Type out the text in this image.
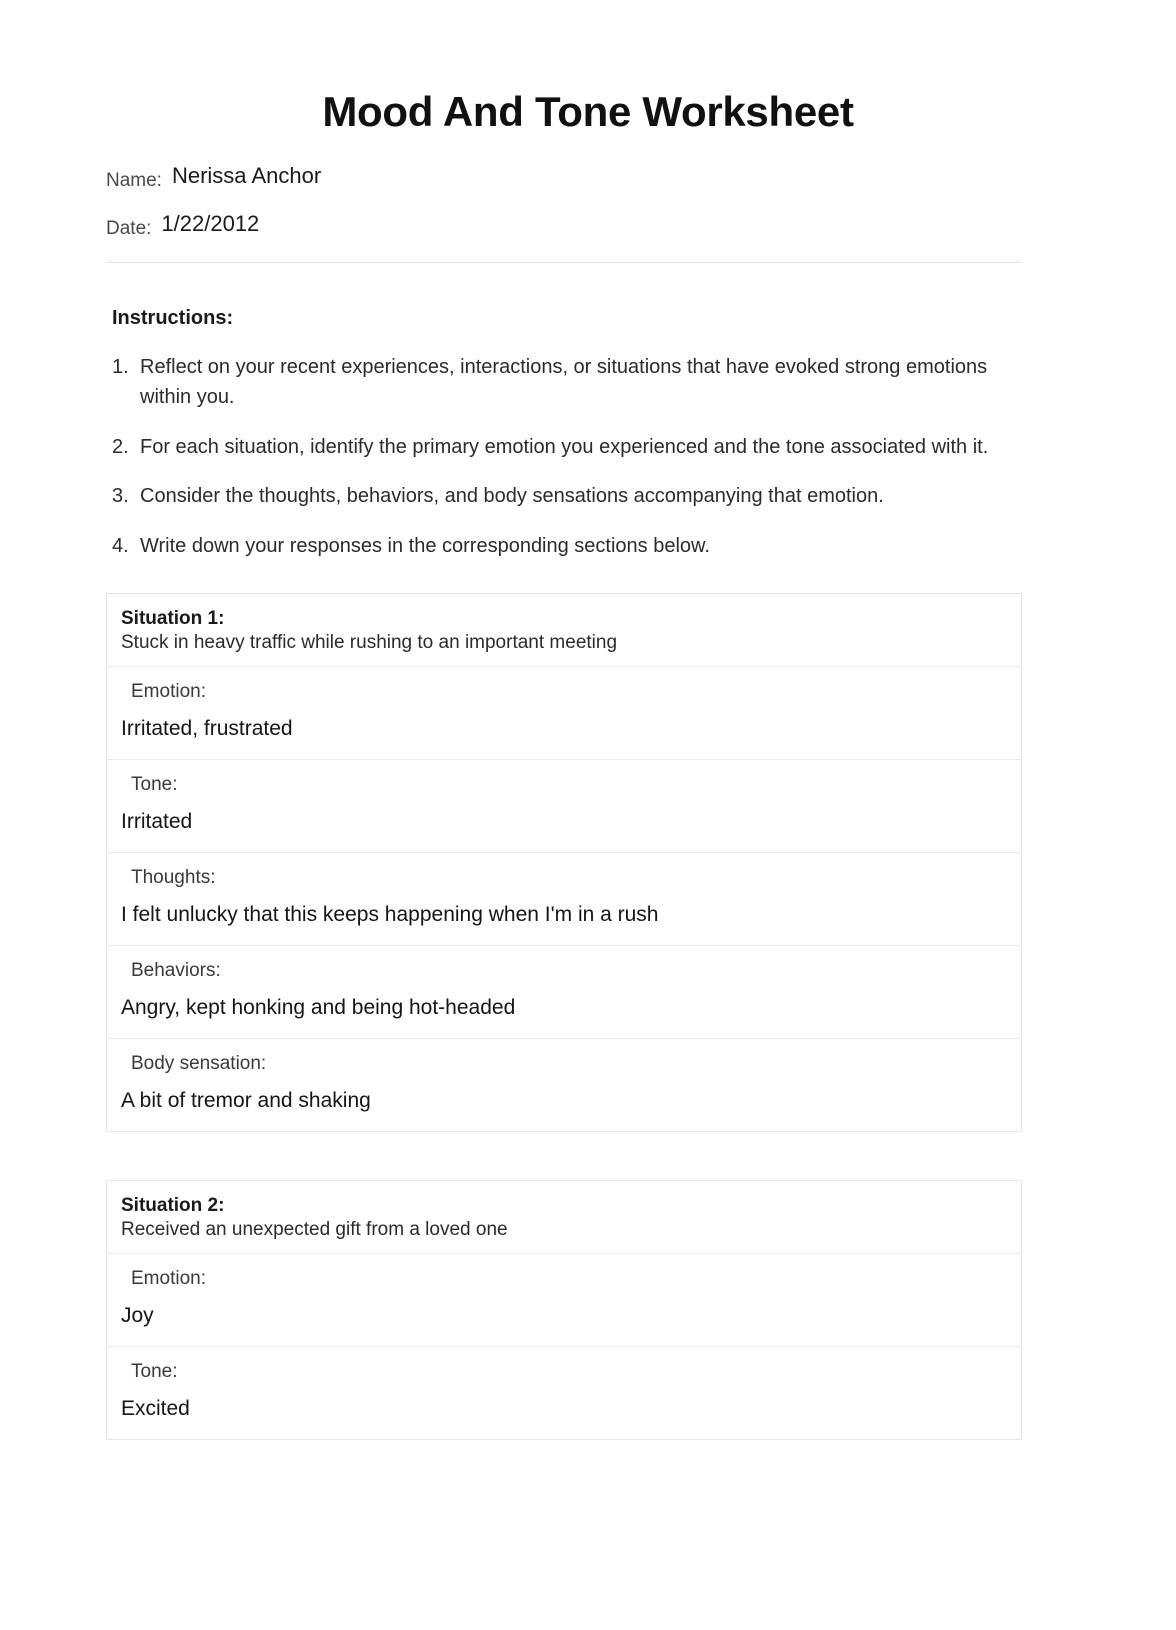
Mood And Tone Worksheet
Name: Nerissa Anchor
Date: 1/22/2012
Instructions:
1. Reflect on your recent experiences, interactions, or situations that have evoked strong emotions within you.
2. For each situation, identify the primary emotion you experienced and the tone associated with it.
3. Consider the thoughts, behaviors, and body sensations accompanying that emotion.
4. Write down your responses in the corresponding sections below.
Situation 1:
Stuck in heavy traffic while rushing to an important meeting
Emotion:
Irritated, frustrated
Tone:
Irritated
Thoughts:
I felt unlucky that this keeps happening when I'm in a rush
Behaviors:
Angry, kept honking and being hot-headed
Body sensation:
A bit of tremor and shaking
Situation 2:
Received an unexpected gift from a loved one
Emotion:
Joy
Tone:
Excited
